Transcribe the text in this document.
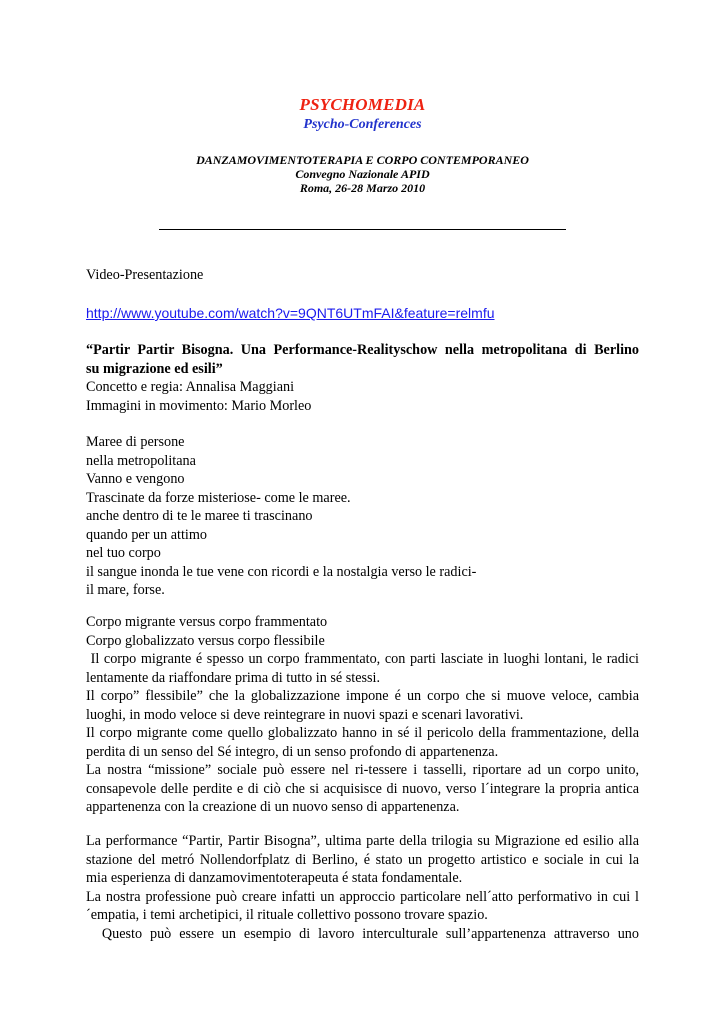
PSYCHOMEDIA
Psycho-Conferences
DANZAMOVIMENTOTERAPIA E CORPO CONTEMPORANEO
Convegno Nazionale APID
Roma, 26-28 Marzo 2010
Video-Presentazione
http://www.youtube.com/watch?v=9QNT6UTmFAI&feature=relmfu
“Partir Partir Bisogna. Una Performance-Realityschow nella metropolitana di Berlino
su migrazione ed esili”
Concetto e regia: Annalisa Maggiani
Immagini in movimento: Mario Morleo
Maree di persone
nella metropolitana
Vanno e vengono
Trascinate da forze misteriose- come le maree.
anche dentro di te le maree ti trascinano
quando per un attimo
nel tuo corpo
il sangue inonda le tue vene con ricordi e la nostalgia verso le radici-
il mare, forse.
Corpo migrante versus corpo frammentato
Corpo globalizzato versus corpo flessibile
Il corpo migrante é spesso un corpo frammentato, con parti lasciate in luoghi lontani, le radici
lentamente da riaffondare prima di tutto in sé stessi.
Il corpo” flessibile” che la globalizzazione impone é un corpo che si muove veloce, cambia
luoghi, in modo veloce si deve reintegrare in nuovi spazi e scenari lavorativi.
Il corpo migrante come quello globalizzato hanno in sé il pericolo della frammentazione, della
perdita di un senso del Sé integro, di un senso profondo di appartenenza.
La nostra “missione” sociale può essere nel ri-tessere i tasselli, riportare ad un corpo unito,
consapevole delle perdite e di ciò che si acquisisce di nuovo, verso l´integrare la propria antica
appartenenza con la creazione di un nuovo senso di appartenenza.
La performance “Partir, Partir Bisogna”, ultima parte della trilogia su Migrazione ed esilio alla
stazione del metró Nollendorfplatz di Berlino, é stato un progetto artistico e sociale in cui la
mia esperienza di danzamovimentoterapeuta é stata fondamentale.
La nostra professione può creare infatti un approccio particolare nell´atto performativo in cui l
´empatia, i temi archetipici, il rituale collettivo possono trovare spazio.
Questo può essere un esempio di lavoro interculturale sull’appartenenza attraverso uno
